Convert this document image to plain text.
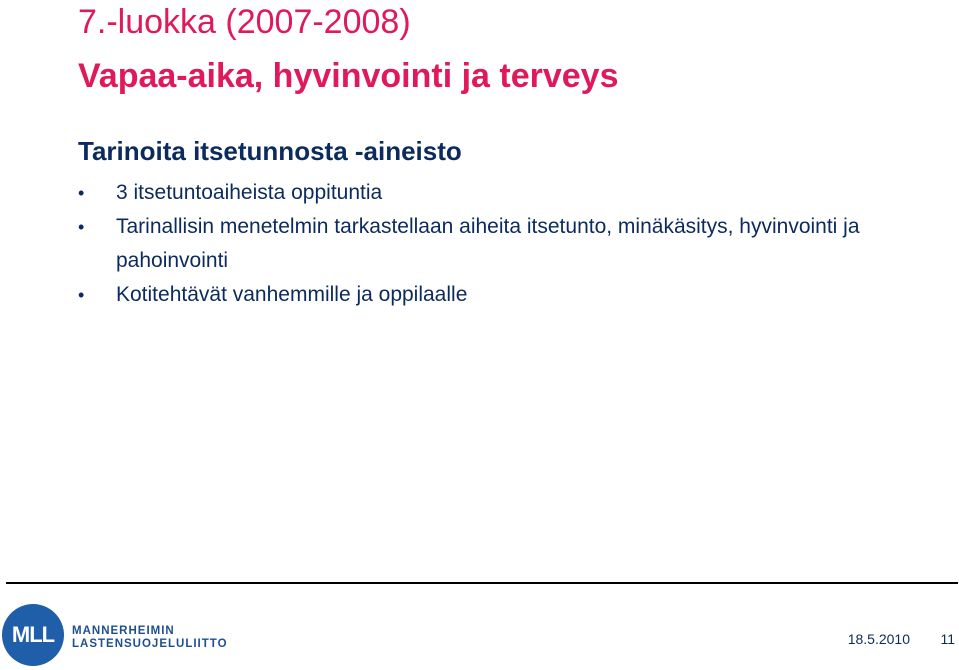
7.-luokka (2007-2008)
Vapaa-aika, hyvinvointi ja terveys
Tarinoita itsetunnosta -aineisto
•	3 itsetuntoaiheista oppituntia
•	Tarinallisin menetelmin tarkastellaan aiheita itsetunto, minäkäsitys, hyvinvointi ja pahoinvointi
•	Kotitehtävät vanhemmille ja oppilaalle
MLL	MANNERHEIMIN
LASTENSUOJELULIITTO	18.5.2010 11
